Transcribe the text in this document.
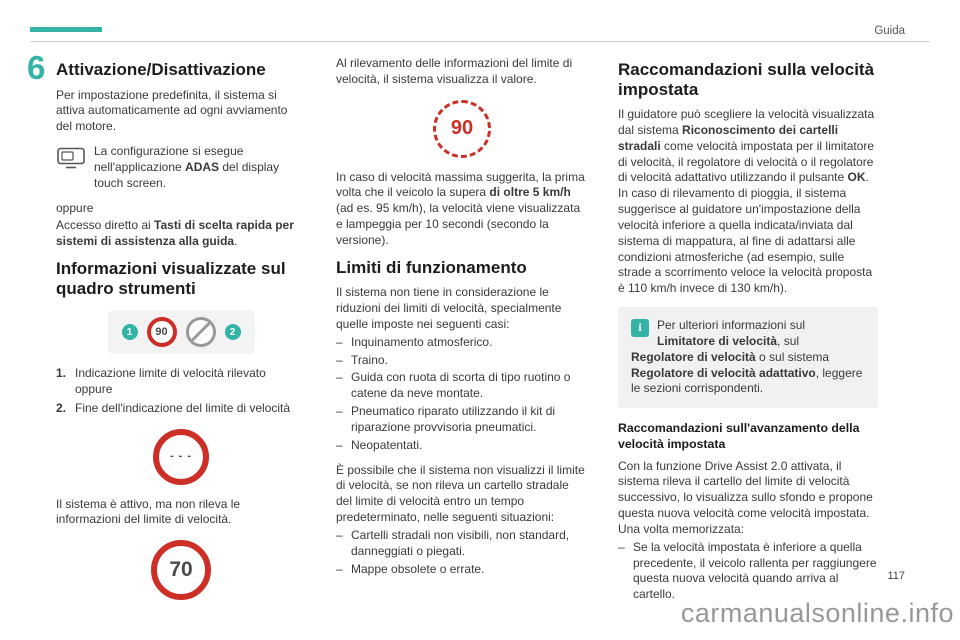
Guida
6 Attivazione/Disattivazione

Per impostazione predefinita, il sistema si attiva automaticamente ad ogni avviamento del motore.

La configurazione si esegue nell'applicazione ADAS del display touch screen.

oppure

Accesso diretto ai Tasti di scelta rapida per sistemi di assistenza alla guida.

Informazioni visualizzate sul quadro strumenti
1	90	2
1. Indicazione limite di velocità rilevato
oppure
2. Fine dell'indicazione del limite di velocità
- - -

Il sistema è attivo, ma non rileva le informazioni del limite di velocità.

70

Al rilevamento delle informazioni del limite di velocità, il sistema visualizza il valore.

90

In caso di velocità massima suggerita, la prima volta che il veicolo la supera di oltre 5 km/h (ad es. 95 km/h), la velocità viene visualizzata e lampeggia per 10 secondi (secondo la versione).

Limiti di funzionamento

Il sistema non tiene in considerazione le riduzioni dei limiti di velocità, specialmente quelle imposte nei seguenti casi:

– Inquinamento atmosferico.
– Traino.
– Guida con ruota di scorta di tipo ruotino o catene da neve montate.
– Pneumatico riparato utilizzando il kit di riparazione provvisoria pneumatici.
– Neopatentati.

È possibile che il sistema non visualizzi il limite di velocità, se non rileva un cartello stradale del limite di velocità entro un tempo predeterminato, nelle seguenti situazioni:

– Cartelli stradali non visibili, non standard, danneggiati o piegati.
– Mappe obsolete o errate.
Raccomandazioni sulla velocità impostata

Il guidatore può scegliere la velocità visualizzata dal sistema Riconoscimento dei cartelli stradali come velocità impostata per il limitatore di velocità, il regolatore di velocità o il regolatore di velocità adattativo utilizzando il pulsante OK. In caso di rilevamento di pioggia, il sistema suggerisce al guidatore un'impostazione della velocità inferiore a quella indicata/inviata dal sistema di mappatura, al fine di adattarsi alle condizioni atmosferiche (ad esempio, sulle strade a scorrimento veloce la velocità proposta è 110 km/h invece di 130 km/h).

i	Per ulteriori informazioni sul Limitatore di velocità, sul Regolatore di velocità o sul sistema Regolatore di velocità adattativo, leggere le sezioni corrispondenti.
Raccomandazioni sull'avanzamento della velocità impostata

Con la funzione Drive Assist 2.0 attivata, il sistema rileva il cartello del limite di velocità successivo, lo visualizza sullo sfondo e propone questa nuova velocità come velocità impostata. Una volta memorizzata:

– Se la velocità impostata è inferiore a quella precedente, il veicolo rallenta per raggiungere questa nuova velocità quando arriva al cartello.
117
carmanualsonline.info
